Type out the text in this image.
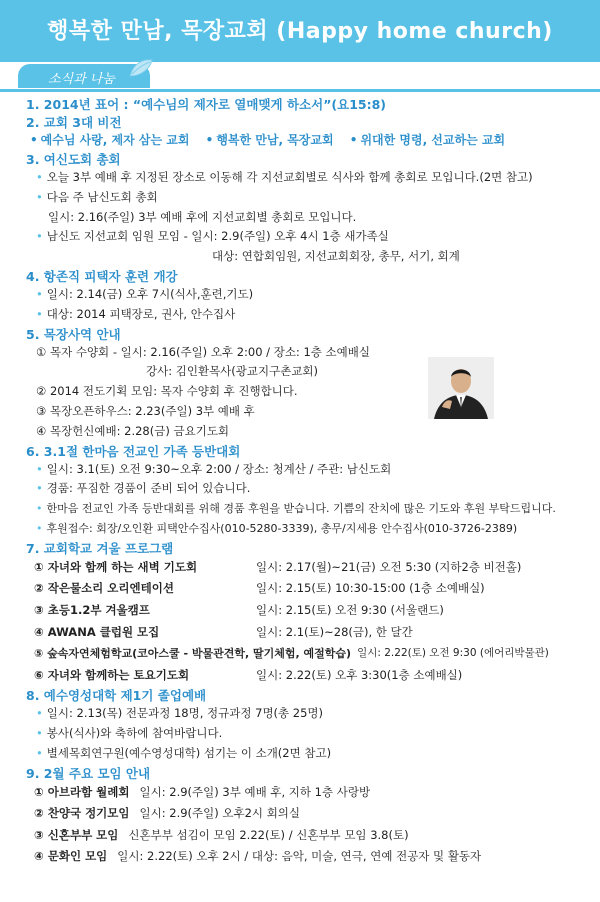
행복한 만남, 목장교회 (Happy home church)
소식과 나눔
1. 2014년 표어 : “예수님의 제자로 열매맺게 하소서”(요15:8)
2. 교회 3대 비전
• 예수님 사랑, 제자 삼는 교회 • 행복한 만남, 목장교회 • 위대한 명령, 선교하는 교회
3. 여신도회 총회
• 오늘 3부 예배 후 지정된 장소로 이동해 각 지선교회별로 식사와 함께 총회로 모입니다.(2면 참고)
• 다음 주 남신도회 총회
일시: 2.16(주일) 3부 예배 후에 지선교회별 총회로 모입니다.
• 남신도 지선교회 임원 모임 - 일시: 2.9(주일) 오후 4시 1층 새가족실
대상: 연합회임원, 지선교회회장, 총무, 서기, 회계
4. 항존직 피택자 훈련 개강
• 일시: 2.14(금) 오후 7시(식사,훈련,기도)
• 대상: 2014 피택장로, 권사, 안수집사
5. 목장사역 안내
① 목자 수양회 - 일시: 2.16(주일) 오후 2:00 / 장소: 1층 소예배실
강사: 김인환목사(광교지구촌교회)
② 2014 전도기획 모임: 목자 수양회 후 진행합니다.
③ 목장오픈하우스: 2.23(주일) 3부 예배 후
④ 목장헌신예배: 2.28(금) 금요기도회
6. 3.1절 한마음 전교인 가족 등반대회
• 일시: 3.1(토) 오전 9:30~오후 2:00 / 장소: 청계산 / 주관: 남신도회
• 경품: 푸짐한 경품이 준비 되어 있습니다.
• 한마음 전교인 가족 등반대회를 위해 경품 후원을 받습니다. 기쁨의 잔치에 많은 기도와 후원 부탁드립니다.
• 후원접수: 회장/오인환 피택안수집사(010-5280-3339), 총무/지세용 안수집사(010-3726-2389)
7. 교회학교 겨울 프로그램
① 자녀와 함께 하는 새벽 기도회	일시: 2.17(월)~21(금) 오전 5:30 (지하2층 비전홀)
② 작은물소리 오리엔테이션	일시: 2.15(토) 10:30-15:00 (1층 소예배실)
③ 초등1.2부 겨울캠프	일시: 2.15(토) 오전 9:30 (서울랜드)
④ AWANA 클럽원 모집	일시: 2.1(토)~28(금), 한 달간
⑤ 숲속자연체험학교(코아스쿨 - 박물관견학, 딸기체험, 예절학습) 일시: 2.22(토) 오전 9:30 (에어리박물관)
⑥ 자녀와 함께하는 토요기도회	일시: 2.22(토) 오후 3:30(1층 소예배실)
8. 예수영성대학 제1기 졸업예배
• 일시: 2.13(목) 전문과정 18명, 정규과정 7명(총 25명)
• 봉사(식사)와 축하에 참여바랍니다.
• 별세목회연구원(예수영성대학) 섬기는 이 소개(2면 참고)
9. 2월 주요 모임 안내
① 아브라함 월례회 일시: 2.9(주일) 3부 예배 후, 지하 1층 사랑방
② 찬양국 정기모임 일시: 2.9(주일) 오후2시 회의실
③ 신혼부부 모임 신혼부부 섬김이 모임 2.22(토) / 신혼부부 모임 3.8(토)
④ 문화인 모임 일시: 2.22(토) 오후 2시 / 대상: 음악, 미술, 연극, 연예 전공자 및 활동자
